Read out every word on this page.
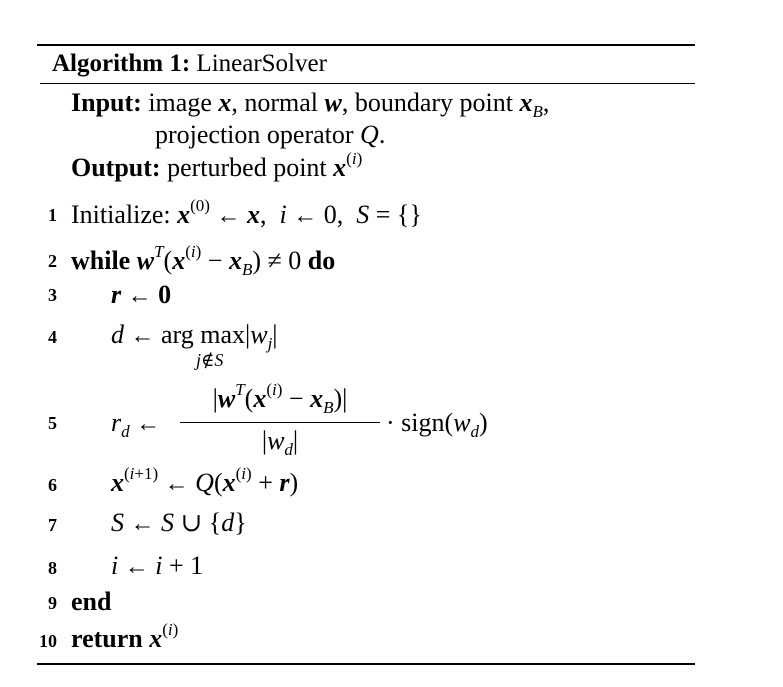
Algorithm 1: LinearSolver
Input: image x, normal w, boundary point $x_B$,
projection operator Q.
Output: perturbed point $x^{(i)}$
1
2
3
4
5
6
7
8
9
10
Initialize: $x^{(0)}$ ← x,  i ← 0,  S = {}
while $w^T(x^{(i)} - x_B) \ne 0$ do
r ← 0
d ← arg $\max|w_j|$
j∉S
$r_d$ ←
$|w^T(x^{(i)} - x_B)|$
$|w_d|$
· $sign(w_d)$
$x^{(i+1)}$ ← $Q(x^{(i)} + r)$
S ← S ∪ {d}
i ← i + 1
end
return $x^{(i)}$
